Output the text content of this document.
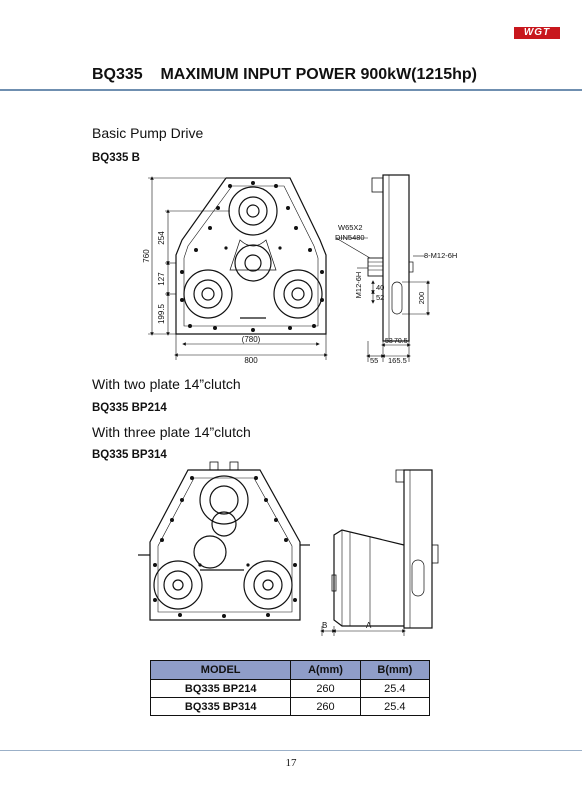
WGT
BQ335    MAXIMUM INPUT POWER 900kW(1215hp)
Basic Pump Drive
BQ335 B
With two plate 14”clutch
BQ335 BP214
With three plate 14”clutch
BQ335 BP314
760
254
127
199.5
(780)
800
W65X2
DIN5480
8-M12-6H
M12-6H 40
52	200
53 70.5
55 165.5
B	A
MODEL	A(mm)	B(mm)
BQ335 BP214	260	25.4
BQ335 BP314	260	25.4
17
